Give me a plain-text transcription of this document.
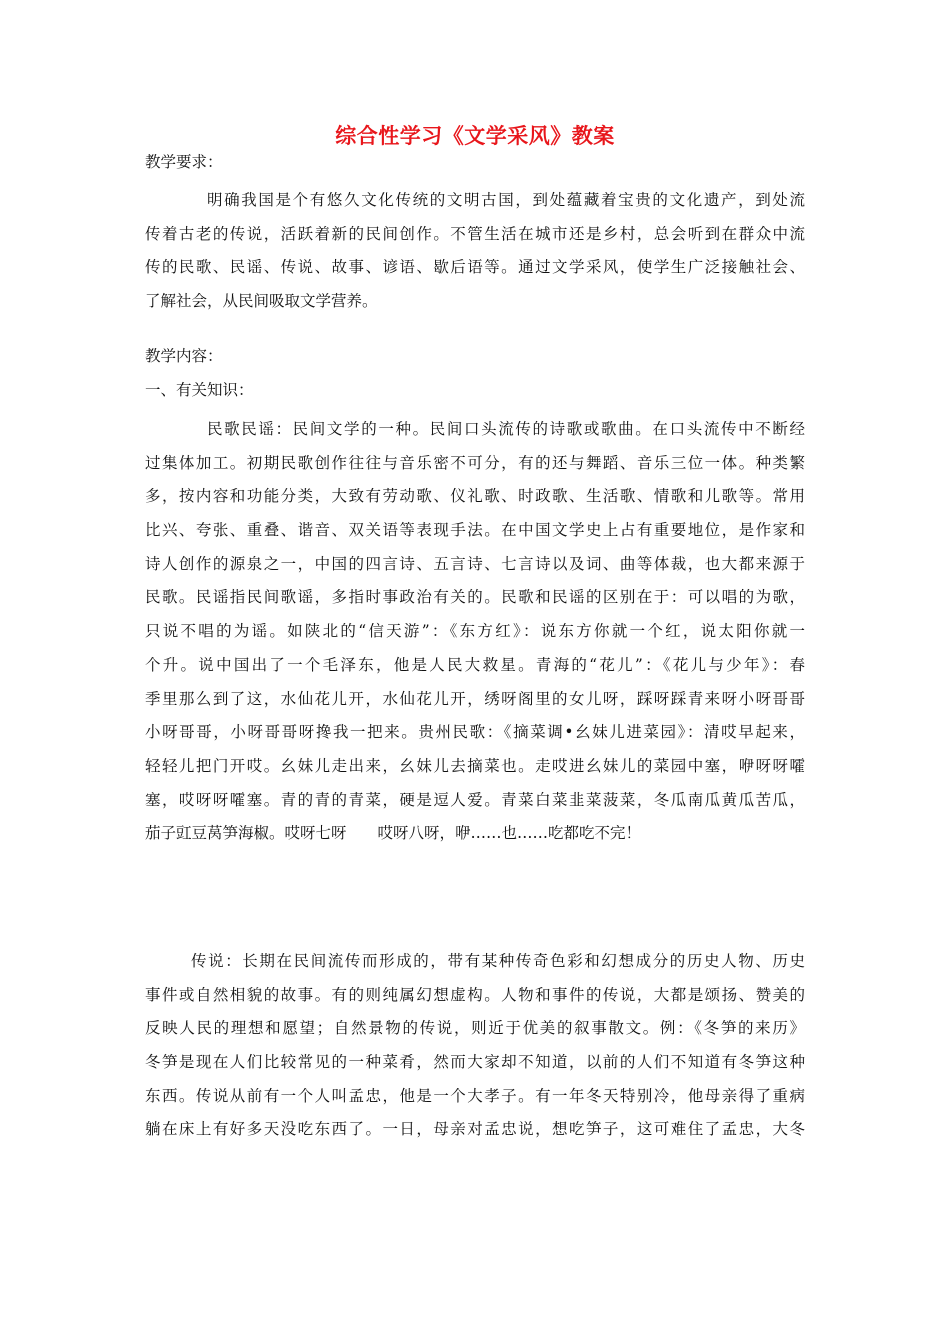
综合性学习《文学采风》教案
教学要求：
明确我国是个有悠久文化传统的文明古国，到处蕴藏着宝贵的文化遗产，到处流
传着古老的传说，活跃着新的民间创作。不管生活在城市还是乡村，总会听到在群众中流
传的民歌、民谣、传说、故事、谚语、歇后语等。通过文学采风，使学生广泛接触社会、
了解社会，从民间吸取文学营养。
教学内容：
一、有关知识：
民歌民谣：民间文学的一种。民间口头流传的诗歌或歌曲。在口头流传中不断经
过集体加工。初期民歌创作往往与音乐密不可分，有的还与舞蹈、音乐三位一体。种类繁
多，按内容和功能分类，大致有劳动歌、仪礼歌、时政歌、生活歌、情歌和儿歌等。常用
比兴、夸张、重叠、谐音、双关语等表现手法。在中国文学史上占有重要地位，是作家和
诗人创作的源泉之一，中国的四言诗、五言诗、七言诗以及词、曲等体裁，也大都来源于
民歌。民谣指民间歌谣，多指时事政治有关的。民歌和民谣的区别在于：可以唱的为歌，
只说不唱的为谣。如陕北的“信天游”：《东方红》：说东方你就一个红，说太阳你就一
个升。说中国出了一个毛泽东，他是人民大救星。青海的“花儿”：《花儿与少年》：春
季里那么到了这，水仙花儿开，水仙花儿开，绣呀阁里的女儿呀，踩呀踩青来呀小呀哥哥
小呀哥哥，小呀哥哥呀搀我一把来。贵州民歌：《摘菜调•幺妹儿进菜园》：清哎早起来，
轻轻儿把门开哎。幺妹儿走出来，幺妹儿去摘菜也。走哎进幺妹儿的菜园中塞，咿呀呀嚯
塞，哎呀呀嚯塞。青的青的青菜，硬是逗人爱。青菜白菜韭菜菠菜，冬瓜南瓜黄瓜苦瓜，
茄子豇豆莴笋海椒。哎呀七呀　　哎呀八呀，咿……也……吃都吃不完！
传说：长期在民间流传而形成的，带有某种传奇色彩和幻想成分的历史人物、历史
事件或自然相貌的故事。有的则纯属幻想虚构。人物和事件的传说，大都是颂扬、赞美的
反映人民的理想和愿望；自然景物的传说，则近于优美的叙事散文。例：《冬笋的来历》
冬笋是现在人们比较常见的一种菜肴，然而大家却不知道，以前的人们不知道有冬笋这种
东西。传说从前有一个人叫孟忠，他是一个大孝子。有一年冬天特别冷，他母亲得了重病
躺在床上有好多天没吃东西了。一日，母亲对孟忠说，想吃笋子，这可难住了孟忠，大冬
